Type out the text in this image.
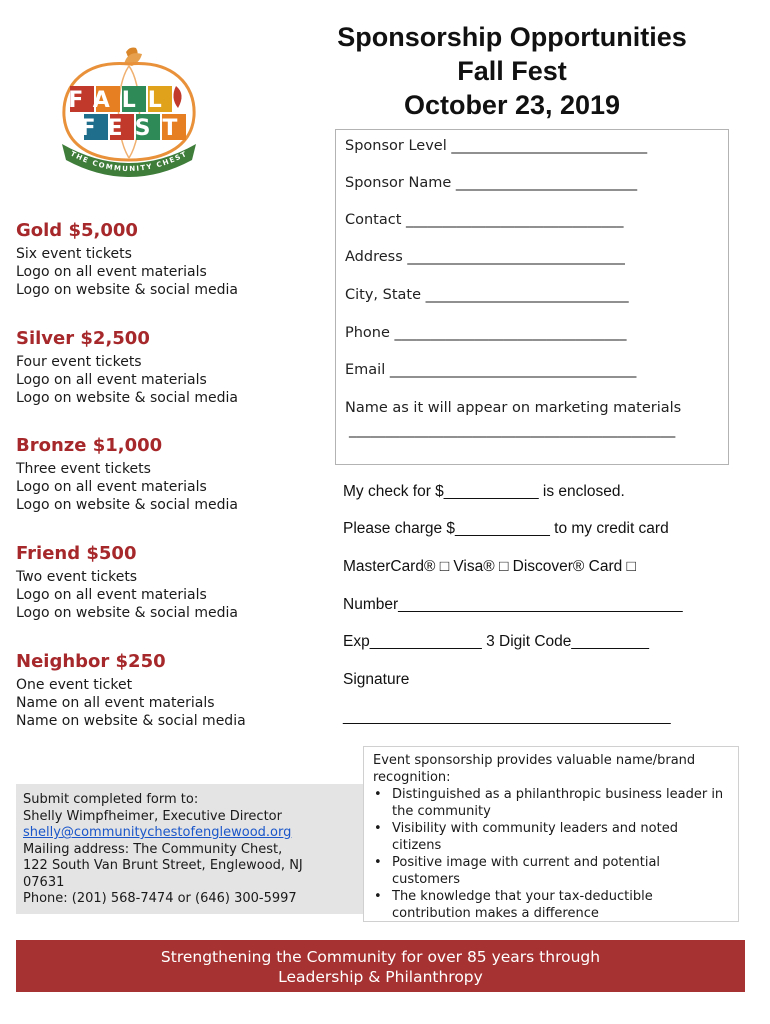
FALL
FEST
THE COMMUNITY CHEST
Sponsorship Opportunities
Fall Fest
October 23, 2019
Sponsor Level ___________________________
Sponsor Name _________________________
Contact ______________________________
Address ______________________________
City, State ____________________________
Phone ________________________________
Email __________________________________
Name as it will appear on marketing materials
_____________________________________________
Gold $5,000
Six event tickets
Logo on all event materials
Logo on website & social media
Silver $2,500
Four event tickets
Logo on all event materials
Logo on website & social media
Bronze $1,000
Three event tickets
Logo on all event materials
Logo on website & social media
Friend $500
Two event tickets
Logo on all event materials
Logo on website & social media
Neighbor $250
One event ticket
Name on all event materials
Name on website & social media
My check for $___________ is enclosed.
Please charge $___________ to my credit card
MasterCard® □ Visa® □ Discover® Card □
Number_________________________________
Exp_____________ 3 Digit Code_________
Signature
______________________________________
Submit completed form to:
Shelly Wimpfheimer, Executive Director
shelly@communitychestofenglewood.org
Mailing address: The Community Chest,
122 South Van Brunt Street, Englewood, NJ
07631
Phone: (201) 568-7474 or (646) 300-5997
Event sponsorship provides valuable name/brand recognition:
• Distinguished as a philanthropic business leader in the community
• Visibility with community leaders and noted citizens
• Positive image with current and potential customers
• The knowledge that your tax-deductible contribution makes a difference
Strengthening the Community for over 85 years through
Leadership & Philanthropy
